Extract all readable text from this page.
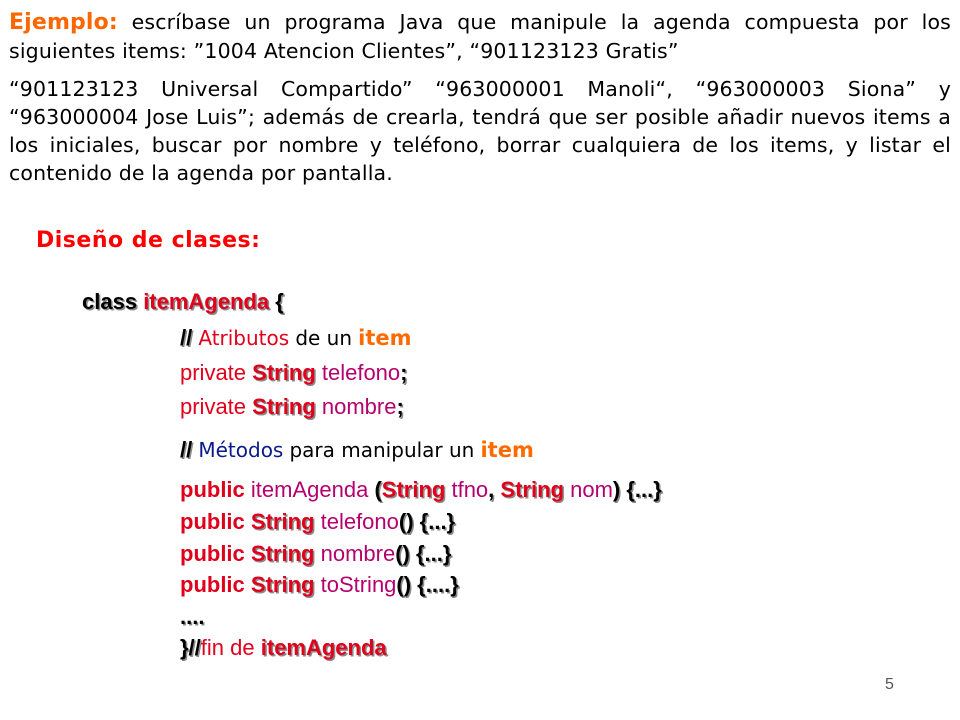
Ejemplo: escríbase un programa Java que manipule la agenda compuesta por los siguientes items: ”1004 Atencion Clientes”, “901123123 Gratis”

“901123123 Universal Compartido” “963000001 Manoli“, “963000003 Siona” y “963000004 Jose Luis”; además de crearla, tendrá que ser posible añadir nuevos items a los iniciales, buscar por nombre y teléfono, borrar cualquiera de los items, y listar el contenido de la agenda por pantalla.

Diseño de clases:
class itemAgenda {
// Atributos de un item
private String telefono;
private String nombre;
// Métodos para manipular un item
public itemAgenda (String tfno, String nom) {...}
public String telefono() {...}
public String nombre() {...}
public String toString() {....}
....
}//fin de itemAgenda
5
